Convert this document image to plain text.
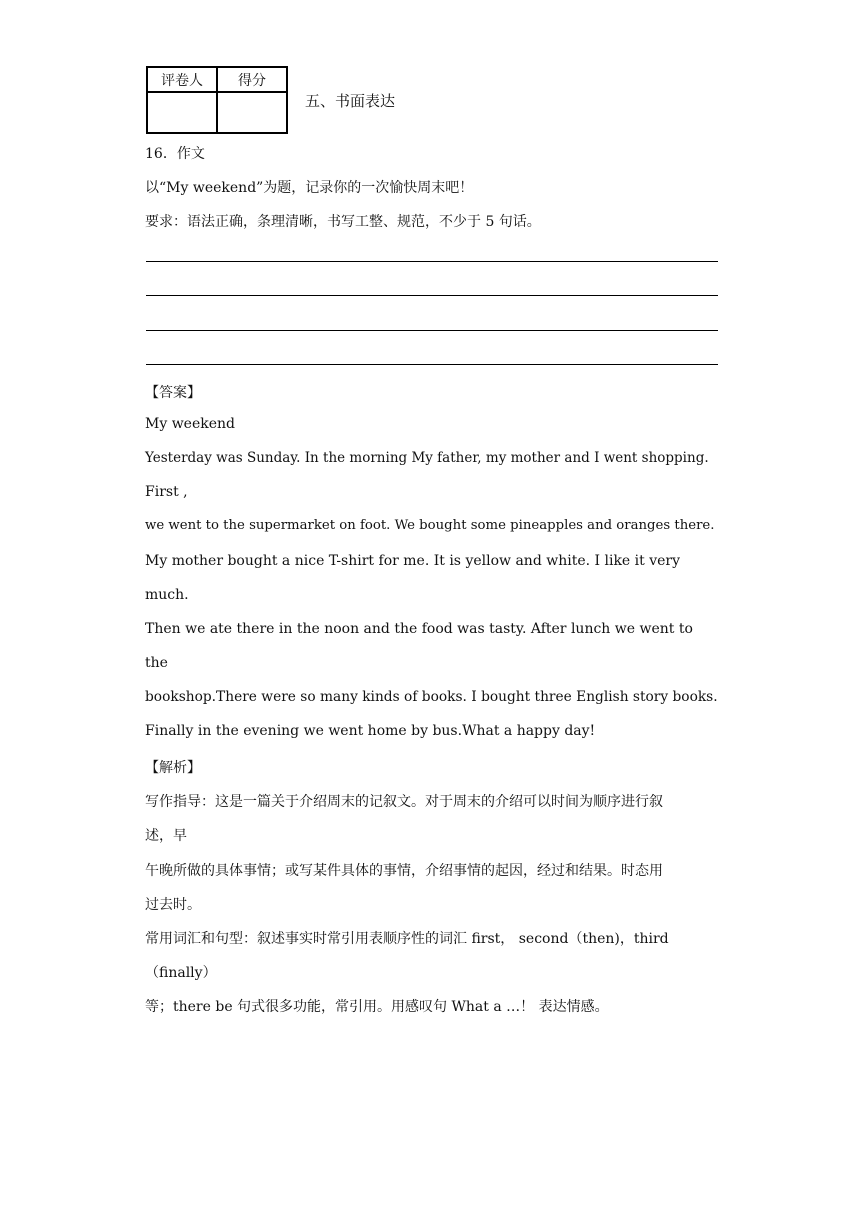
评卷人	得分

五、书面表达
16．作文
以“My weekend”为题，记录你的一次愉快周末吧！
要求：语法正确，条理清晰，书写工整、规范，不少于 5 句话。
【答案】
My weekend
Yesterday was Sunday. In the morning My father, my mother and I went shopping.
First ,
we went to the supermarket on foot. We bought some pineapples and oranges there.
My mother bought a nice T-shirt for me. It is yellow and white. I like it very
much.
Then we ate there in the noon and the food was tasty. After lunch we went to
the
bookshop.There were so many kinds of books. I bought three English story books.
Finally in the evening we went home by bus.What a happy day!
【解析】
写作指导：这是一篇关于介绍周末的记叙文。对于周末的介绍可以时间为顺序进行叙
述，早
午晚所做的具体事情；或写某件具体的事情，介绍事情的起因，经过和结果。时态用
过去时。
常用词汇和句型：叙述事实时常引用表顺序性的词汇 first， second（then)，third
（finally）
等；there be 句式很多功能，常引用。用感叹句 What a …！ 表达情感。
